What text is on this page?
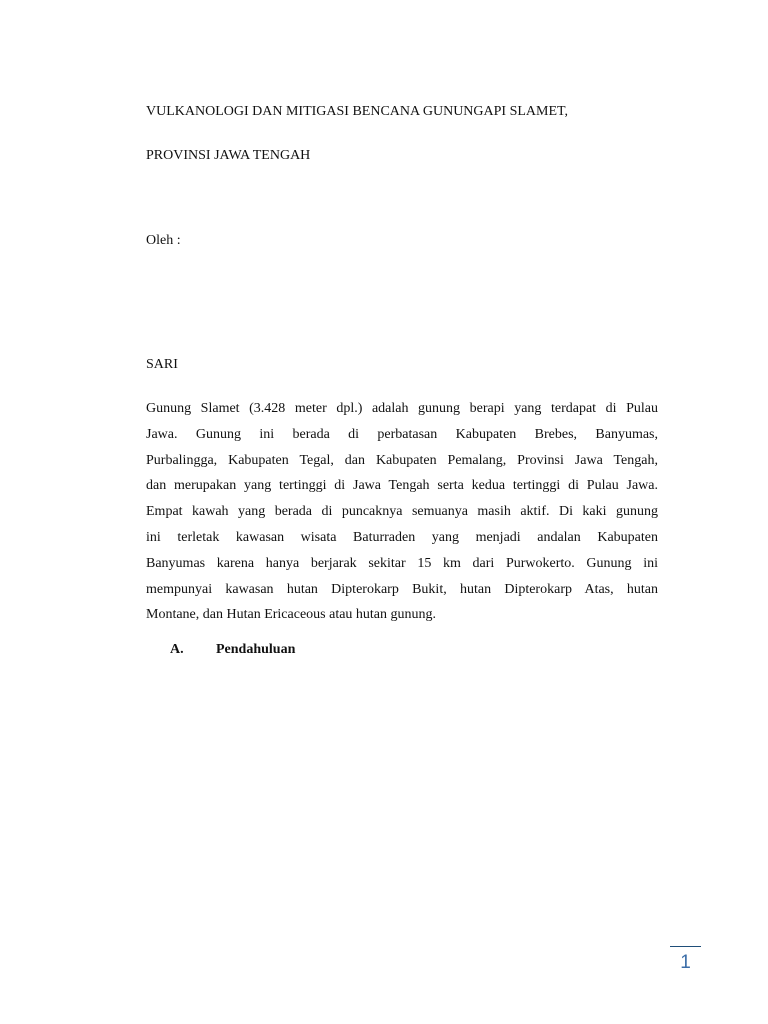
VULKANOLOGI DAN MITIGASI BENCANA GUNUNGAPI SLAMET,
PROVINSI JAWA TENGAH
Oleh :
SARI
Gunung Slamet (3.428 meter dpl.) adalah gunung berapi yang terdapat di Pulau
Jawa. Gunung ini berada di perbatasan Kabupaten Brebes, Banyumas,
Purbalingga, Kabupaten Tegal, dan Kabupaten Pemalang, Provinsi Jawa Tengah,
dan merupakan yang tertinggi di Jawa Tengah serta kedua tertinggi di Pulau Jawa.
Empat kawah yang berada di puncaknya semuanya masih aktif. Di kaki gunung
ini terletak kawasan wisata Baturraden yang menjadi andalan Kabupaten
Banyumas karena hanya berjarak sekitar 15 km dari Purwokerto. Gunung ini
mempunyai kawasan hutan Dipterokarp Bukit, hutan Dipterokarp Atas, hutan
Montane, dan Hutan Ericaceous atau hutan gunung.
A. Pendahuluan
1
